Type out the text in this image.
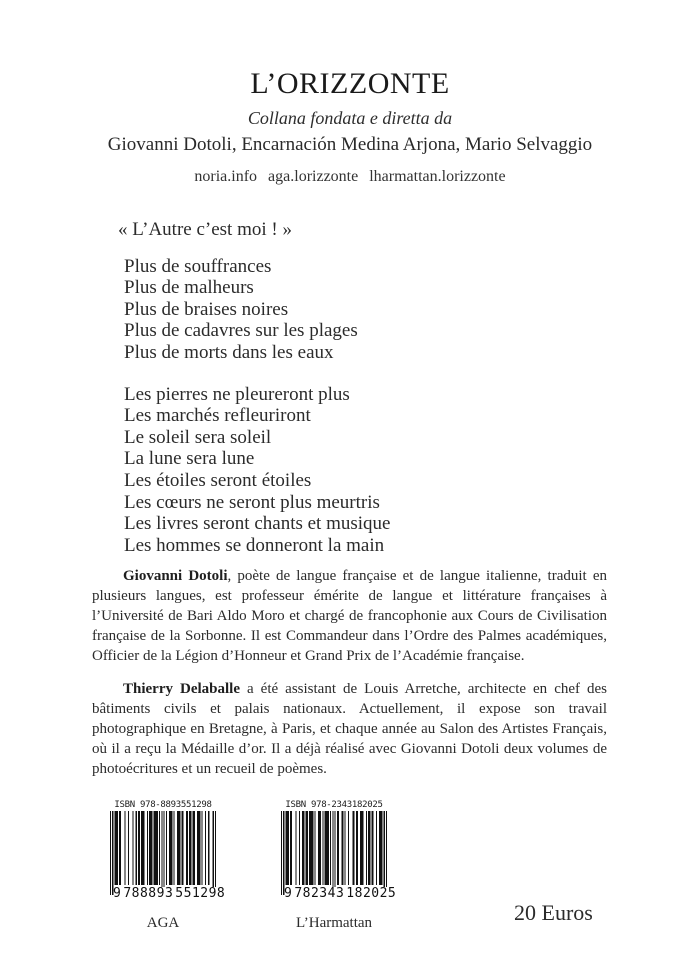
L’ORIZZONTE
Collana fondata e diretta da
Giovanni Dotoli, Encarnación Medina Arjona, Mario Selvaggio
noria.info aga.lorizzonte lharmattan.lorizzonte
« L’Autre c’est moi ! »
Plus de souffrances
Plus de malheurs
Plus de braises noires
Plus de cadavres sur les plages
Plus de morts dans les eaux
Les pierres ne pleureront plus
Les marchés refleuriront
Le soleil sera soleil
La lune sera lune
Les étoiles seront étoiles
Les cœurs ne seront plus meurtris
Les livres seront chants et musique
Les hommes se donneront la main

Giovanni Dotoli, poète de langue française et de langue italienne, traduit en plusieurs langues, est professeur émérite de langue et littérature françaises à l’Université de Bari Aldo Moro et chargé de francophonie aux Cours de Civilisation française de la Sorbonne. Il est Commandeur dans l’Ordre des Palmes académiques, Officier de la Légion d’Honneur et Grand Prix de l’Académie française.

Thierry Delaballe a été assistant de Louis Arretche, architecte en chef des bâtiments civils et palais nationaux. Actuellement, il expose son travail photographique en Bretagne, à Paris, et chaque année au Salon des Artistes Français, où il a reçu la Médaille d’or. Il a déjà réalisé avec Giovanni Dotoli deux volumes de photoécritures et un recueil de poèmes.

ISBN 978-8893551298
9 788893 551298
AGA
ISBN 978-2343182025
9 782343 182025
L’Harmattan	20 Euros
